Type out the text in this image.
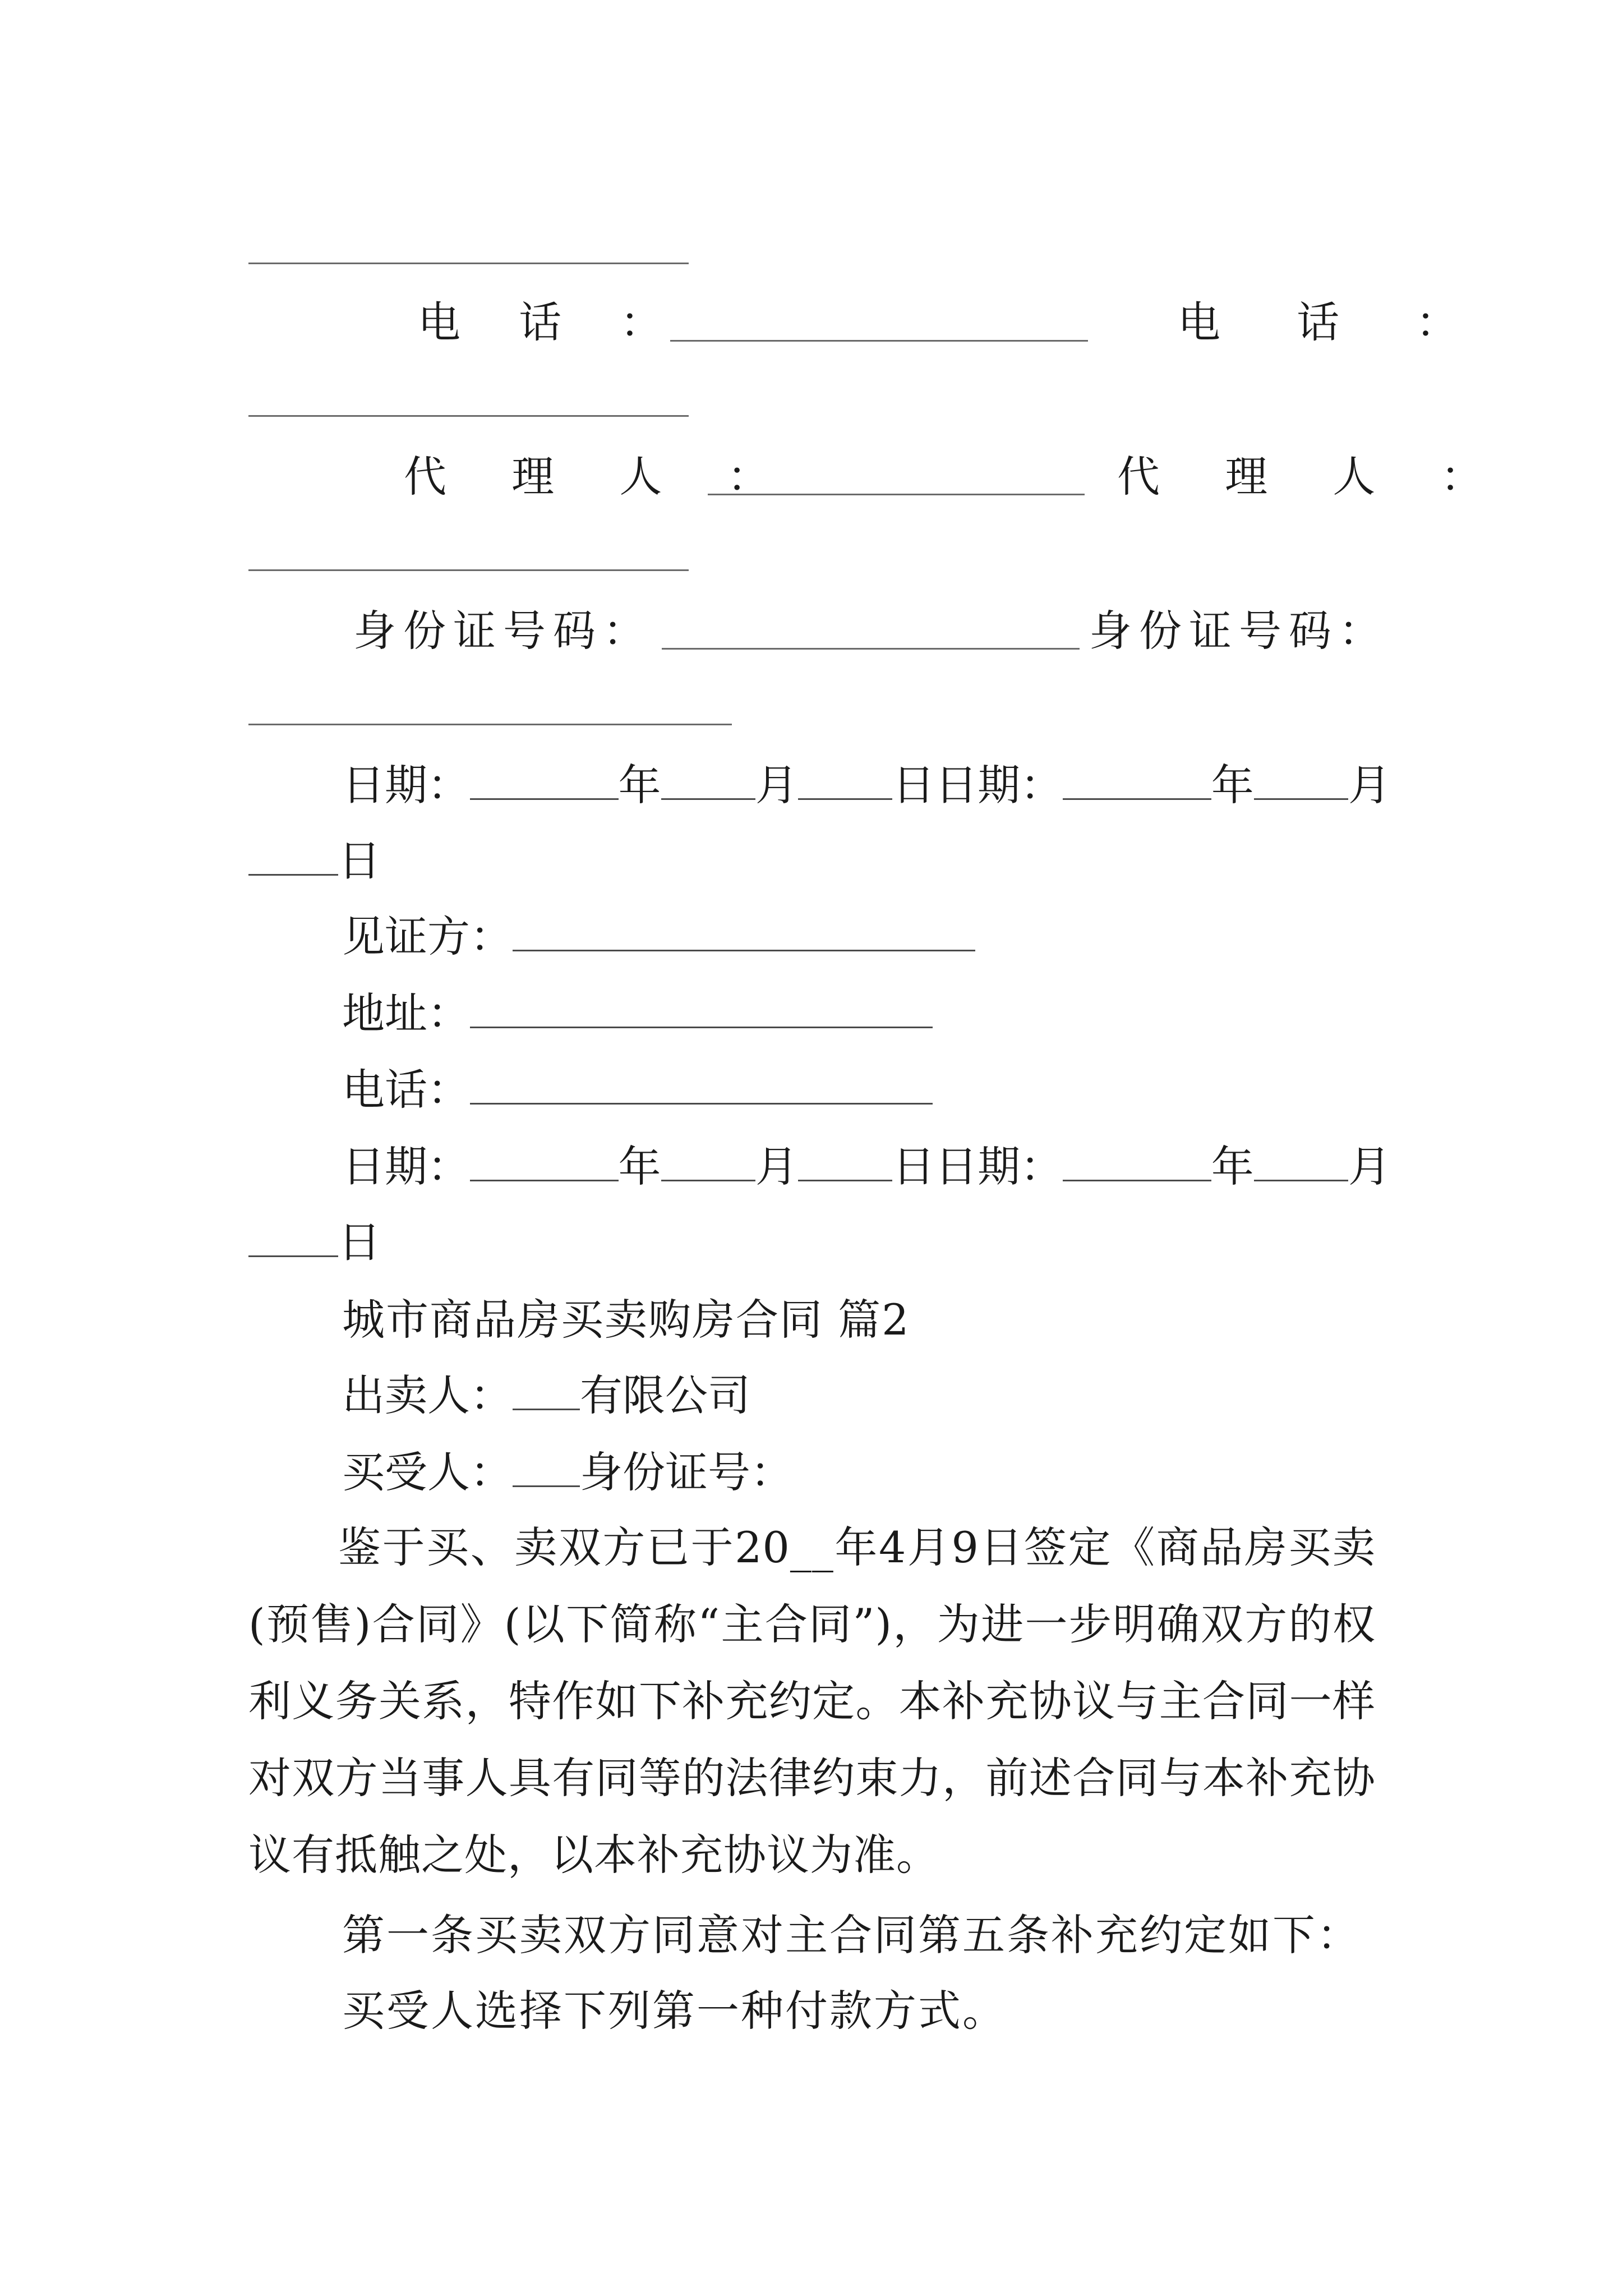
电 话 ：	电 话 ：
代 理 人 ：	代 理 人 ：
身份证号码：	身份证号码：
日期：	年 月 日 日期：	年 月
日
见证方：
地址：
电话：
日期：	年 月 日 日期：	年 月
日
城市商品房买卖购房合同 篇2
出卖人： 有限公司
买受人： 身份证号：
鉴于买、卖双方已于20__年4月9日签定《商品房买卖(预售)合同》(以下简称“主合同”)，为进一步明确双方的权利义务关系，特作如下补充约定。本补充协议与主合同一样对双方当事人具有同等的法律约束力，前述合同与本补充协议有抵触之处，以本补充协议为准。
第一条买卖双方同意对主合同第五条补充约定如下：
买受人选择下列第一种付款方式。
